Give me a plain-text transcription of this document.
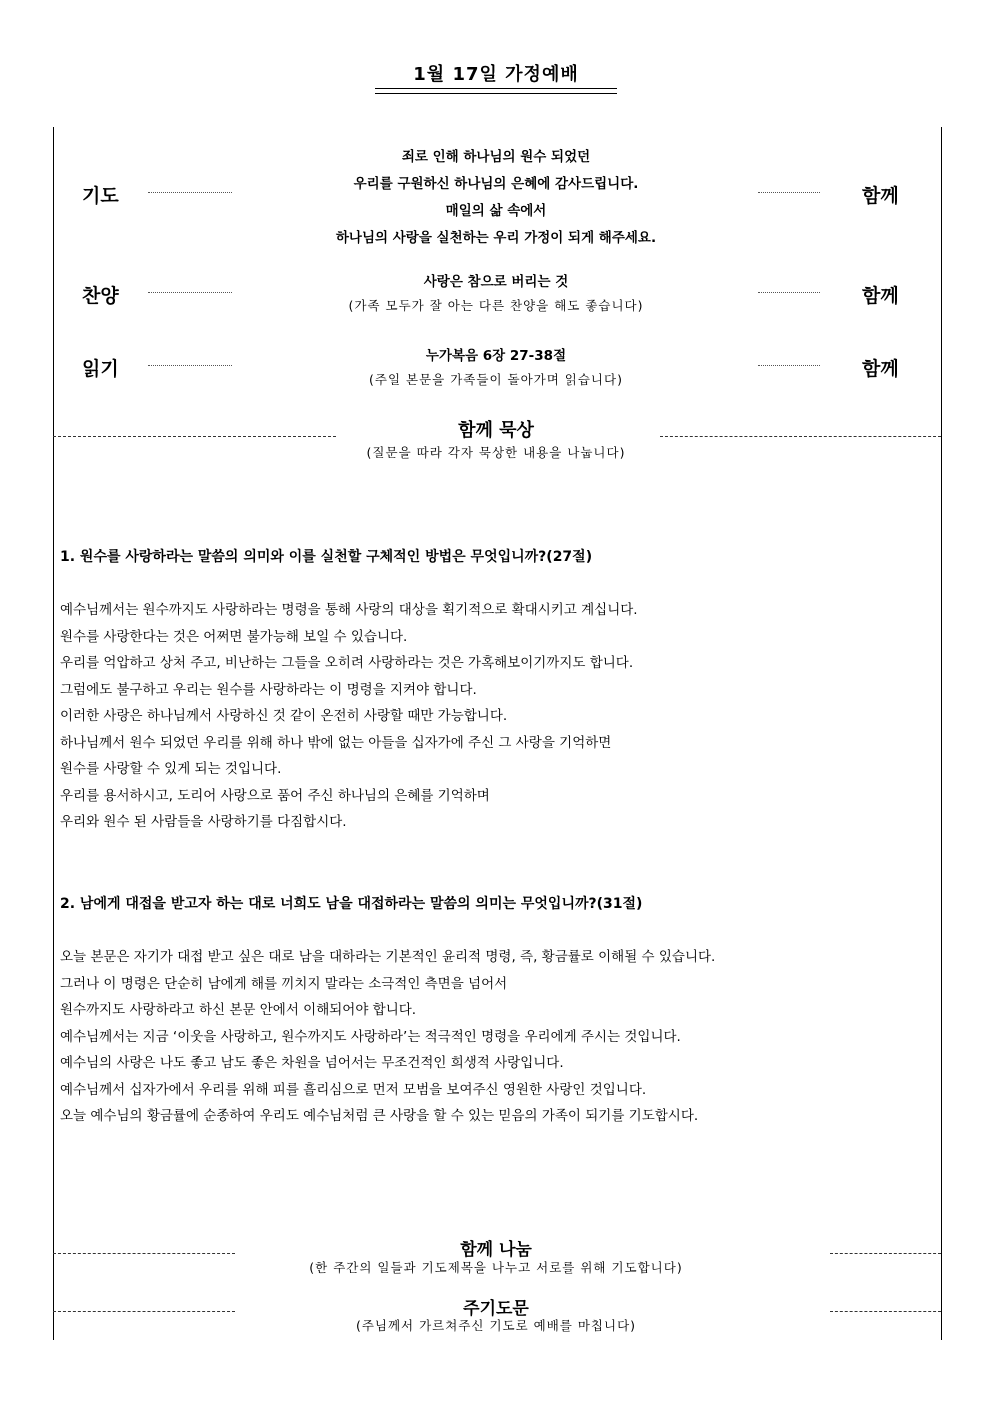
1월 17일 가정예배
기도
죄로 인해 하나님의 원수 되었던
우리를 구원하신 하나님의 은혜에 감사드립니다.
매일의 삶 속에서
하나님의 사랑을 실천하는 우리 가정이 되게 해주세요.
함께
찬양
사랑은 참으로 버리는 것
(가족 모두가 잘 아는 다른 찬양을 해도 좋습니다)	함께
읽기
누가복음 6장 27-38절
(주일 본문을 가족들이 돌아가며 읽습니다)	함께
함께 묵상
(질문을 따라 각자 묵상한 내용을 나눕니다)
1. 원수를 사랑하라는 말씀의 의미와 이를 실천할 구체적인 방법은 무엇입니까?(27절)
예수님께서는 원수까지도 사랑하라는 명령을 통해 사랑의 대상을 획기적으로 확대시키고 계십니다.
원수를 사랑한다는 것은 어쩌면 불가능해 보일 수 있습니다.
우리를 억압하고 상처 주고, 비난하는 그들을 오히려 사랑하라는 것은 가혹해보이기까지도 합니다.
그럼에도 불구하고 우리는 원수를 사랑하라는 이 명령을 지켜야 합니다.
이러한 사랑은 하나님께서 사랑하신 것 같이 온전히 사랑할 때만 가능합니다.
하나님께서 원수 되었던 우리를 위해 하나 밖에 없는 아들을 십자가에 주신 그 사랑을 기억하면
원수를 사랑할 수 있게 되는 것입니다.
우리를 용서하시고, 도리어 사랑으로 품어 주신 하나님의 은혜를 기억하며
우리와 원수 된 사람들을 사랑하기를 다짐합시다.
2. 남에게 대접을 받고자 하는 대로 너희도 남을 대접하라는 말씀의 의미는 무엇입니까?(31절)
오늘 본문은 자기가 대접 받고 싶은 대로 남을 대하라는 기본적인 윤리적 명령, 즉, 황금률로 이해될 수 있습니다.
그러나 이 명령은 단순히 남에게 해를 끼치지 말라는 소극적인 측면을 넘어서
원수까지도 사랑하라고 하신 본문 안에서 이해되어야 합니다.
예수님께서는 지금 ‘이웃을 사랑하고, 원수까지도 사랑하라’는 적극적인 명령을 우리에게 주시는 것입니다.
예수님의 사랑은 나도 좋고 남도 좋은 차원을 넘어서는 무조건적인 희생적 사랑입니다.
예수님께서 십자가에서 우리를 위해 피를 흘리심으로 먼저 모범을 보여주신 영원한 사랑인 것입니다.
오늘 예수님의 황금률에 순종하여 우리도 예수님처럼 큰 사랑을 할 수 있는 믿음의 가족이 되기를 기도합시다.
함께 나눔
(한 주간의 일들과 기도제목을 나누고 서로를 위해 기도합니다)
주기도문
(주님께서 가르쳐주신 기도로 예배를 마칩니다)
